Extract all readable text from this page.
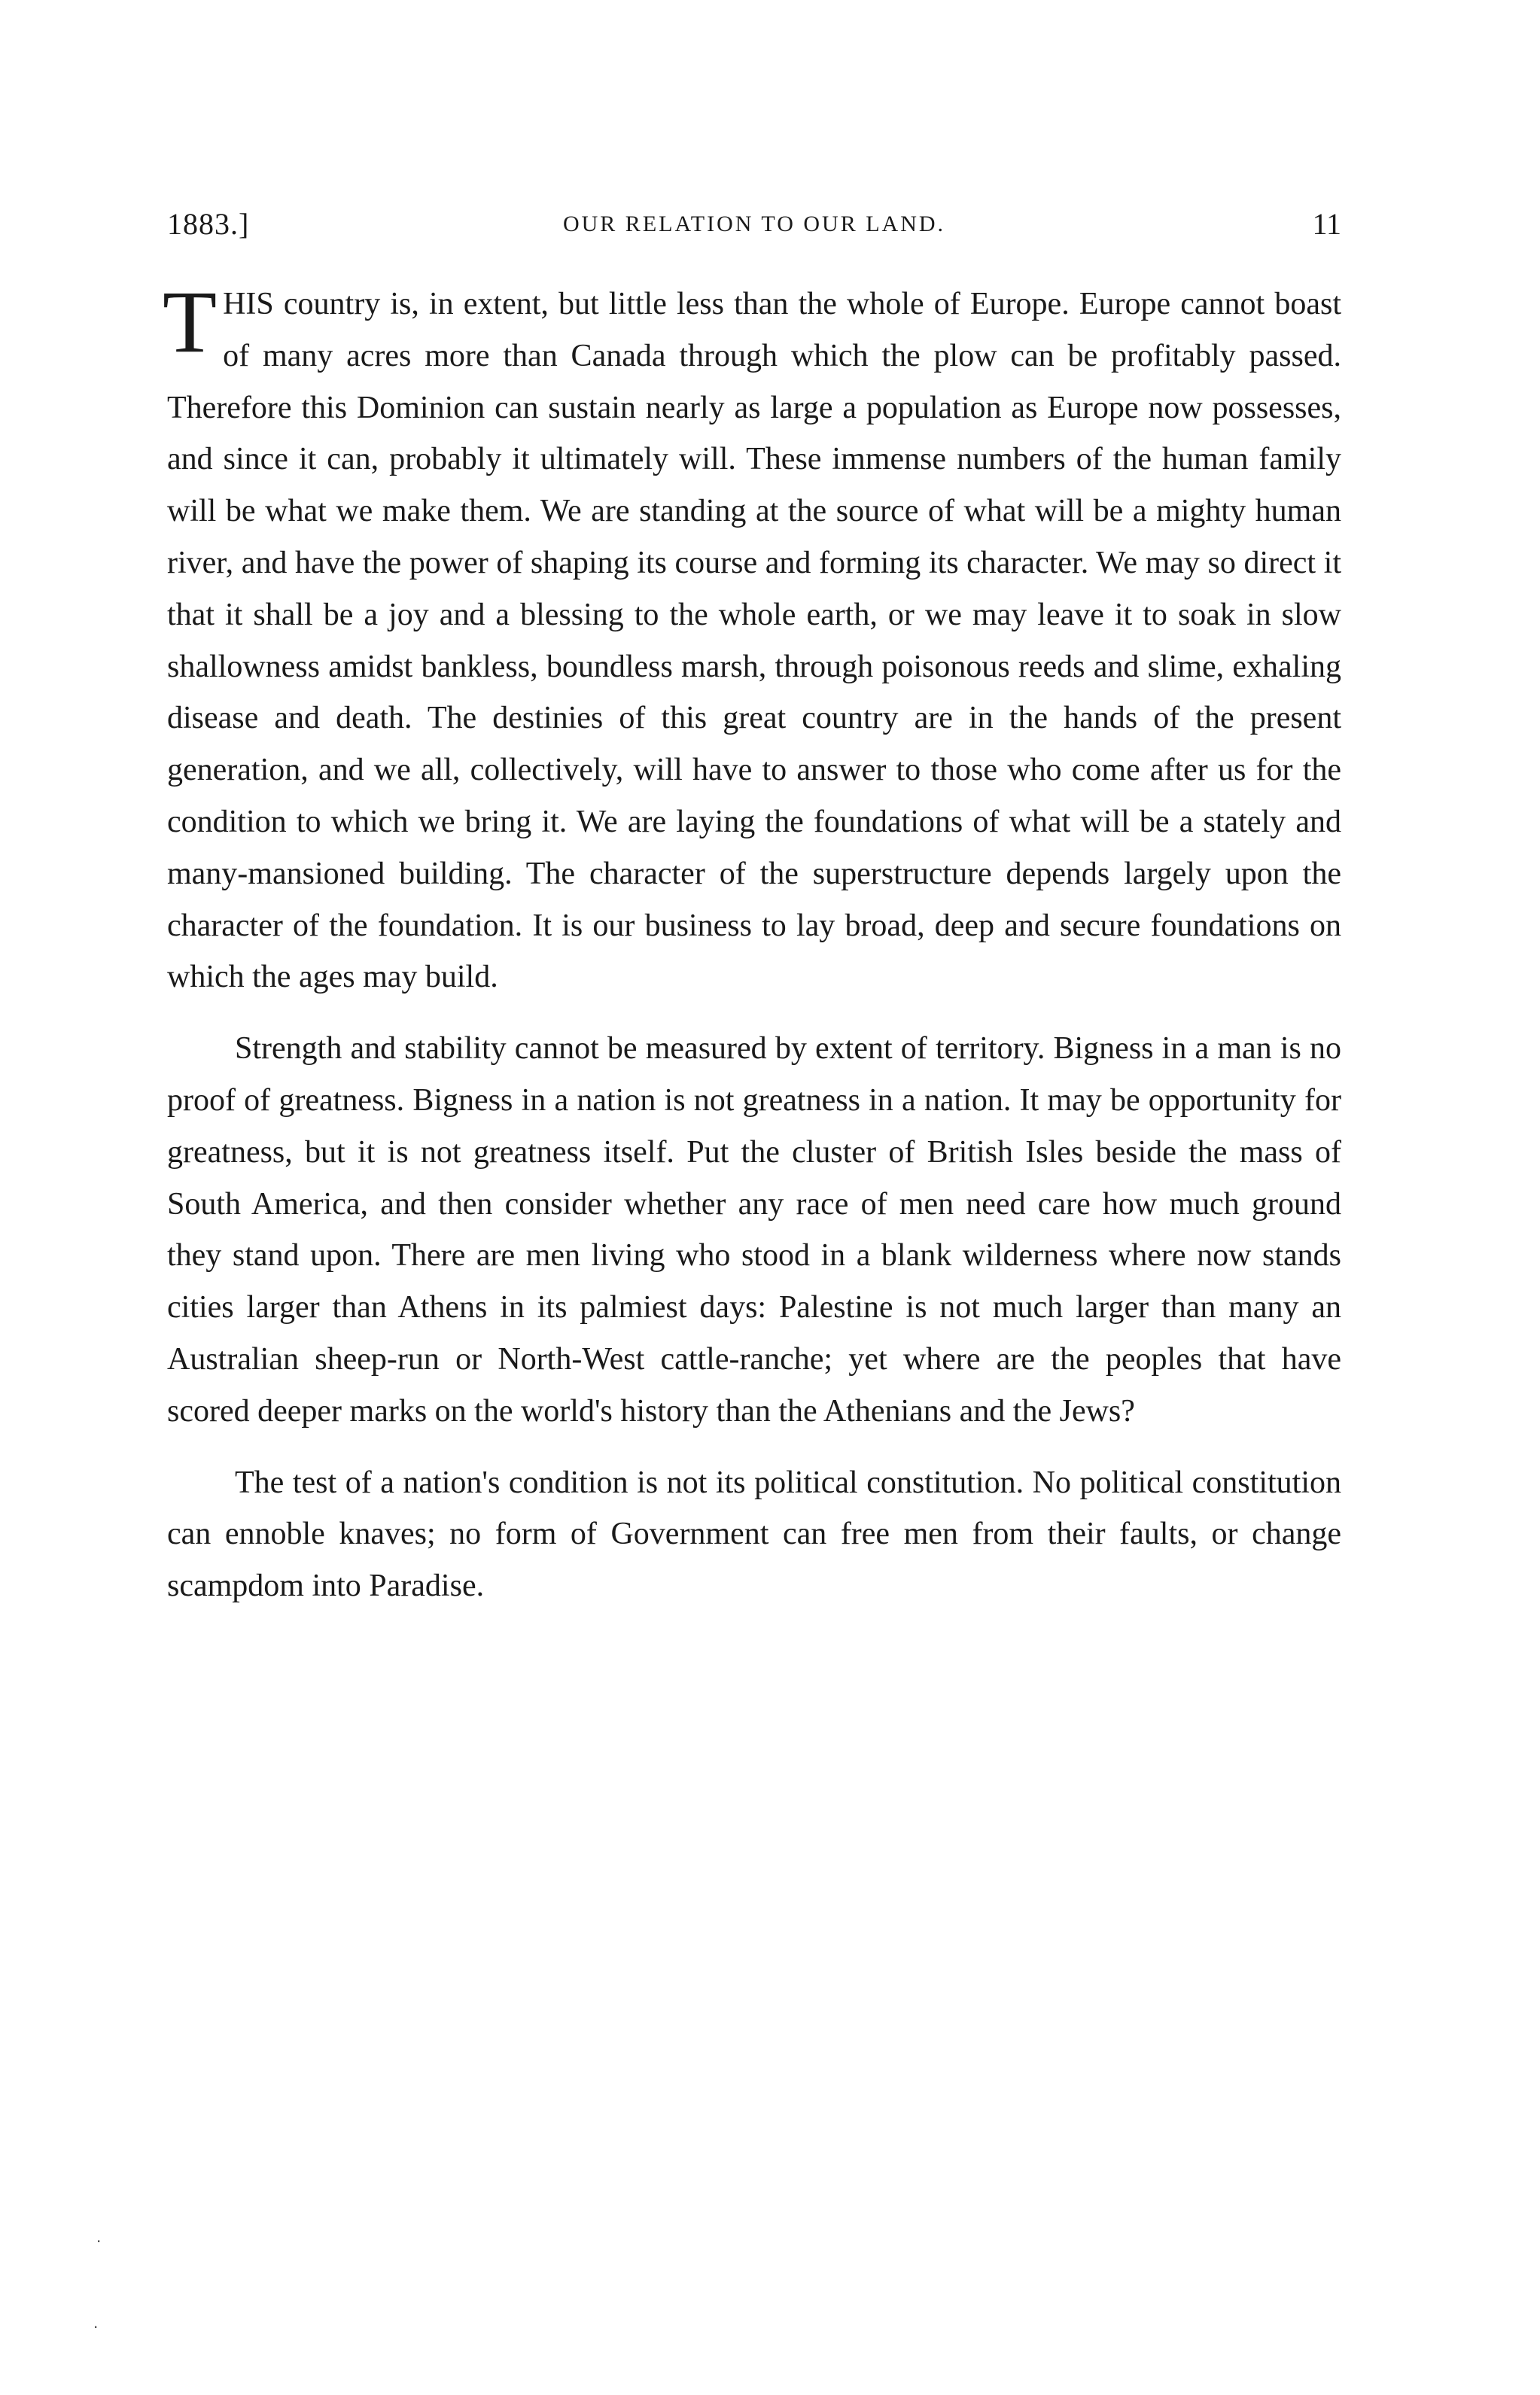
1883.]	OUR RELATION TO OUR LAND.	11

THIS country is, in extent, but little less than the whole of Europe. Europe cannot boast of many acres more than Canada through which the plow can be profitably passed. Therefore this Dominion can sustain nearly as large a population as Europe now possesses, and since it can, probably it ultimately will. These immense numbers of the human family will be what we make them. We are standing at the source of what will be a mighty human river, and have the power of shaping its course and forming its character. We may so direct it that it shall be a joy and a blessing to the whole earth, or we may leave it to soak in slow shallowness amidst bankless, boundless marsh, through poisonous reeds and slime, exhaling disease and death. The destinies of this great country are in the hands of the present generation, and we all, collectively, will have to answer to those who come after us for the condition to which we bring it. We are laying the foundations of what will be a stately and many-mansioned building. The character of the superstructure depends largely upon the character of the foundation. It is our business to lay broad, deep and secure foundations on which the ages may build.

Strength and stability cannot be measured by extent of territory. Bigness in a man is no proof of greatness. Bigness in a nation is not greatness in a nation. It may be opportunity for greatness, but it is not greatness itself. Put the cluster of British Isles beside the mass of South America, and then consider whether any race of men need care how much ground they stand upon. There are men living who stood in a blank wilderness where now stands cities larger than Athens in its palmiest days: Palestine is not much larger than many an Australian sheep-run or North-West cattle-ranche; yet where are the peoples that have scored deeper marks on the world's history than the Athenians and the Jews?

The test of a nation's condition is not its political constitution. No political constitution can ennoble knaves; no form of Government can free men from their faults, or change scampdom into Paradise.

.
·
